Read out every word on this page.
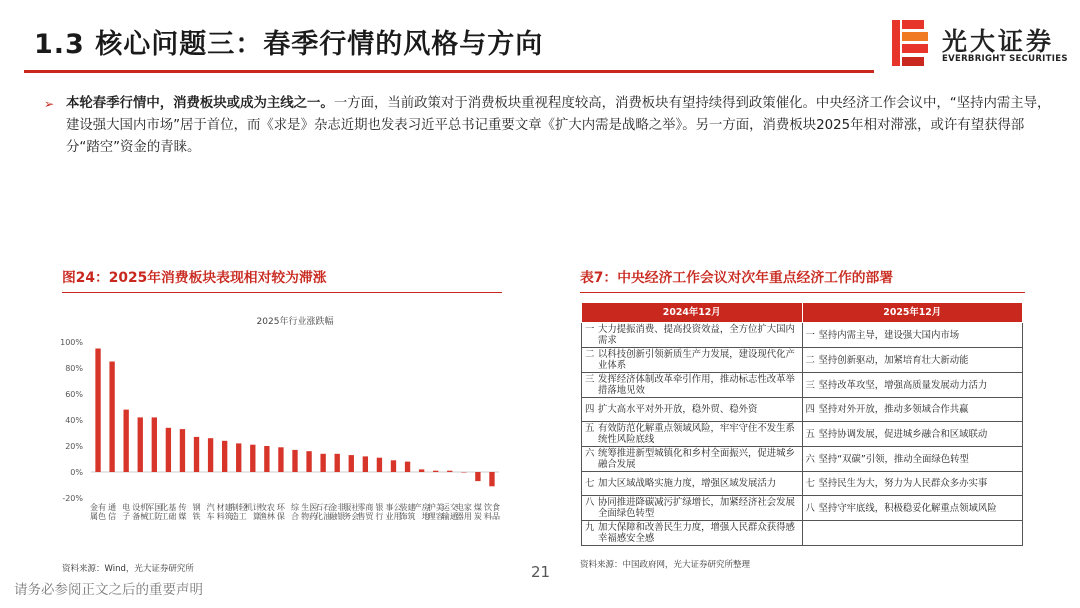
1.3 核心问题三：春季行情的风格与方向	光大证券
EVERBRIGHT SECURITIES
➢ 本轮春季行情中，消费板块或成为主线之一。一方面，当前政策对于消费板块重视程度较高，消费板块有望持续得到政策催化。中央经济工作会议中，“坚持内需主导，建设强大国内市场”居于首位，而《求是》杂志近期也发表习近平总书记重要文章《扩大内需是战略之举》。另一方面，消费板块2025年相对滞涨，或许有望获得部分“踏空”资金的青睐。
图24：2025年消费板块表现相对较为滞涨	表7：中央经济工作会议对次年重点经济工作的部署
2025年行业涨跌幅
100%
80%
60%
40%
20%
0%
-20%
有色金属
通信
电子
机械设备
国防军工
基础化工
传媒
钢铁
汽车
建筑材料
轻工制造
计算机	农林牧渔
环保
综合
医药生物
石油石化
非银金融
社会服务
商贸零售
银行
公用事业
建筑装饰
房地产	美容护理
交通运输
家用电器
煤炭
食品饮料
2024年12月	2025年12月
一 大力提振消费、提高投资效益，全方位扩大国内需求	一 坚持内需主导，建设强大国内市场
二 以科技创新引领新质生产力发展，建设现代化产业体系	二 坚持创新驱动，加紧培育壮大新动能
三 发挥经济体制改革牵引作用，推动标志性改革举措落地见效	三 坚持改革攻坚，增强高质量发展动力活力
四 扩大高水平对外开放，稳外贸、稳外资	四 坚持对外开放，推动多领域合作共赢
五 有效防范化解重点领域风险，牢牢守住不发生系统性风险底线	五 坚持协调发展，促进城乡融合和区域联动
六 统筹推进新型城镇化和乡村全面振兴，促进城乡融合发展	六 坚持“双碳”引领，推动全面绿色转型
七 加大区域战略实施力度，增强区域发展活力	七 坚持民生为大，努力为人民群众多办实事
八 协同推进降碳减污扩绿增长，加紧经济社会发展全面绿色转型	八 坚持守牢底线，积极稳妥化解重点领域风险
九 加大保障和改善民生力度，增强人民群众获得感幸福感安全感	
资料来源：Wind，光大证券研究所	资料来源：中国政府网，光大证券研究所整理
21
请务必参阅正文之后的重要声明
